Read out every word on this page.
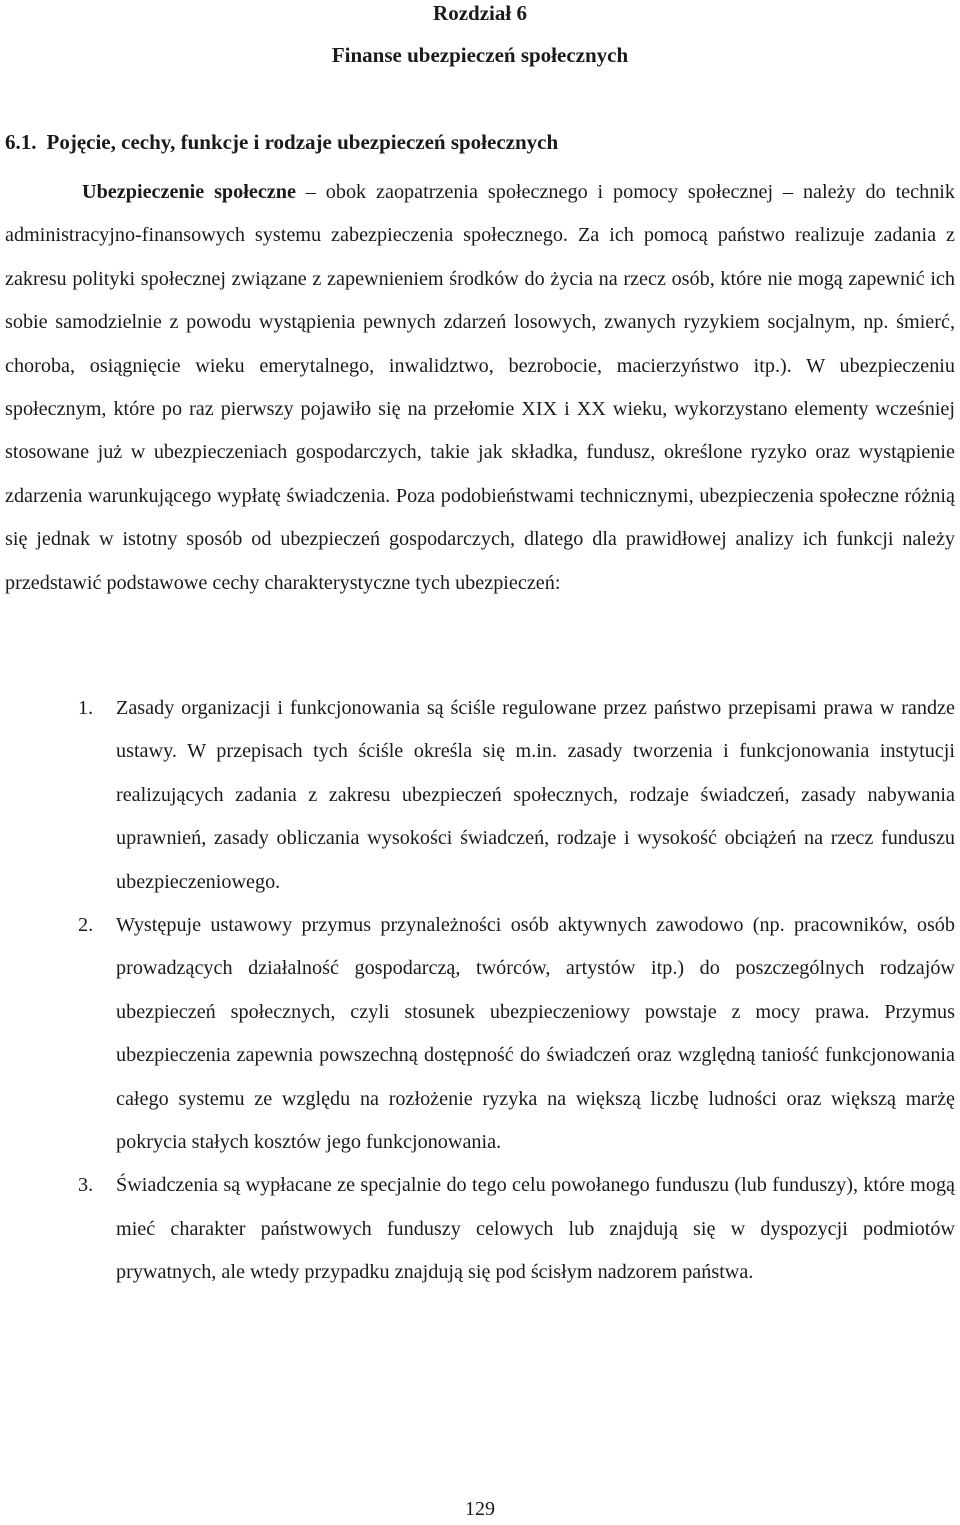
Rozdział 6
Finanse ubezpieczeń społecznych
6.1. Pojęcie, cechy, funkcje i rodzaje ubezpieczeń społecznych

Ubezpieczenie społeczne – obok zaopatrzenia społecznego i pomocy społecznej – należy do technik administracyjno-finansowych systemu zabezpieczenia społecznego. Za ich pomocą państwo realizuje zadania z zakresu polityki społecznej związane z zapewnieniem środków do życia na rzecz osób, które nie mogą zapewnić ich sobie samodzielnie z powodu wystąpienia pewnych zdarzeń losowych, zwanych ryzykiem socjalnym, np. śmierć, choroba, osiągnięcie wieku emerytalnego, inwalidztwo, bezrobocie, macierzyństwo itp.). W ubezpieczeniu społecznym, które po raz pierwszy pojawiło się na przełomie XIX i XX wieku, wykorzystano elementy wcześniej stosowane już w ubezpieczeniach gospodarczych, takie jak składka, fundusz, określone ryzyko oraz wystąpienie zdarzenia warunkującego wypłatę świadczenia. Poza podobieństwami technicznymi, ubezpieczenia społeczne różnią się jednak w istotny sposób od ubezpieczeń gospodarczych, dlatego dla prawidłowej analizy ich funkcji należy przedstawić podstawowe cechy charakterystyczne tych ubezpieczeń:

1. Zasady organizacji i funkcjonowania są ściśle regulowane przez państwo przepisami prawa w randze ustawy. W przepisach tych ściśle określa się m.in. zasady tworzenia i funkcjonowania instytucji realizujących zadania z zakresu ubezpieczeń społecznych, rodzaje świadczeń, zasady nabywania uprawnień, zasady obliczania wysokości świadczeń, rodzaje i wysokość obciążeń na rzecz funduszu ubezpieczeniowego.
2. Występuje ustawowy przymus przynależności osób aktywnych zawodowo (np. pracowników, osób prowadzących działalność gospodarczą, twórców, artystów itp.) do poszczególnych rodzajów ubezpieczeń społecznych, czyli stosunek ubezpieczeniowy powstaje z mocy prawa. Przymus ubezpieczenia zapewnia powszechną dostępność do świadczeń oraz względną taniość funkcjonowania całego systemu ze względu na rozłożenie ryzyka na większą liczbę ludności oraz większą marżę pokrycia stałych kosztów jego funkcjonowania.
3. Świadczenia są wypłacane ze specjalnie do tego celu powołanego funduszu (lub funduszy), które mogą mieć charakter państwowych funduszy celowych lub znajdują się w dyspozycji podmiotów prywatnych, ale wtedy przypadku znajdują się pod ścisłym nadzorem państwa.
129
